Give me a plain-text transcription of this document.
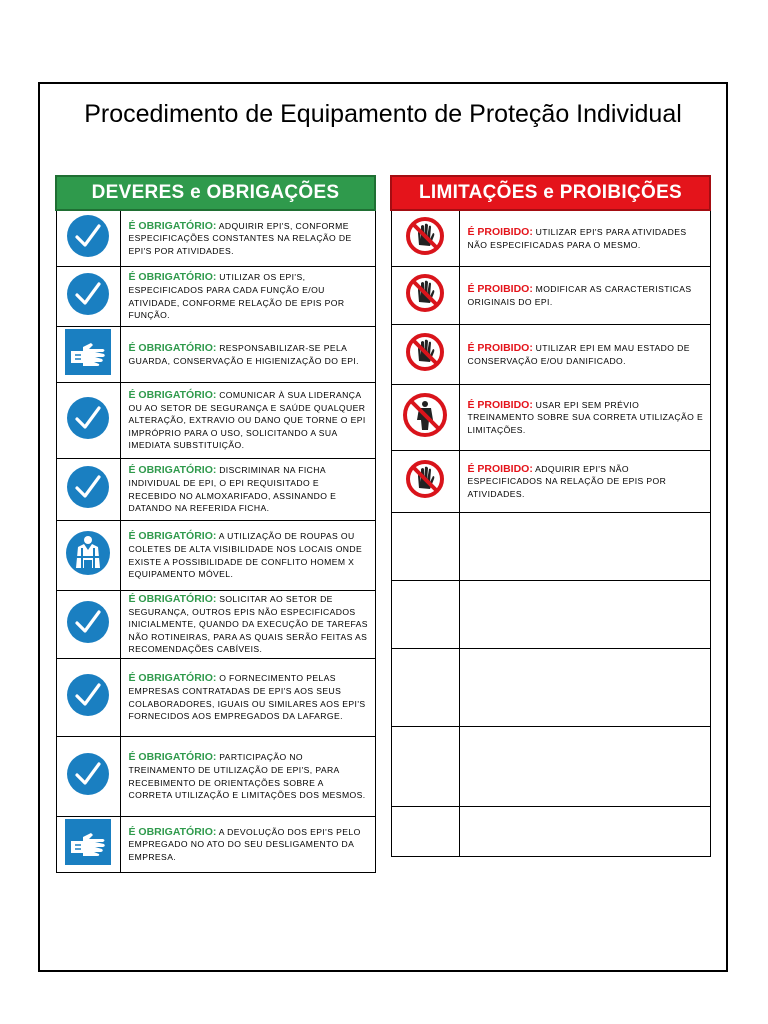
Procedimento de Equipamento de Proteção Individual
DEVERES e OBRIGAÇÕES	
	É OBRIGATÓRIO: ADQUIRIR EPI'S, CONFORME ESPECIFICAÇÕES CONSTANTES NA RELAÇÃO DE EPI'S POR ATIVIDADES.
	É OBRIGATÓRIO: UTILIZAR OS EPI'S, ESPECIFICADOS PARA CADA FUNÇÃO E/OU ATIVIDADE, CONFORME RELAÇÃO DE EPIS POR FUNÇÃO.
	É OBRIGATÓRIO: RESPONSABILIZAR-SE PELA GUARDA, CONSERVAÇÃO E HIGIENIZAÇÃO DO EPI.
	É OBRIGATÓRIO: COMUNICAR À SUA LIDERANÇA OU AO SETOR DE SEGURANÇA E SAÚDE QUALQUER ALTERAÇÃO, EXTRAVIO OU DANO QUE TORNE O EPI IMPRÓPRIO PARA O USO, SOLICITANDO A SUA IMEDIATA SUBSTITUIÇÃO.
	É OBRIGATÓRIO: DISCRIMINAR NA FICHA INDIVIDUAL DE EPI, O EPI REQUISITADO E RECEBIDO NO ALMOXARIFADO, ASSINANDO E DATANDO NA REFERIDA FICHA.
	É OBRIGATÓRIO: A UTILIZAÇÃO DE ROUPAS OU COLETES DE ALTA VISIBILIDADE NOS LOCAIS ONDE EXISTE A POSSIBILIDADE DE CONFLITO HOMEM X EQUIPAMENTO MÓVEL.
	É OBRIGATÓRIO: SOLICITAR AO SETOR DE SEGURANÇA, OUTROS EPIS NÃO ESPECIFICADOS INICIALMENTE, QUANDO DA EXECUÇÃO DE TAREFAS NÃO ROTINEIRAS, PARA AS QUAIS SERÃO FEITAS AS RECOMENDAÇÕES CABÍVEIS.
	É OBRIGATÓRIO: O FORNECIMENTO PELAS EMPRESAS CONTRATADAS DE EPI'S AOS SEUS COLABORADORES, IGUAIS OU SIMILARES AOS EPI'S FORNECIDOS AOS EMPREGADOS DA LAFARGE.
	É OBRIGATÓRIO: PARTICIPAÇÃO NO TREINAMENTO DE UTILIZAÇÃO DE EPI'S, PARA RECEBIMENTO DE ORIENTAÇÕES SOBRE A CORRETA UTILIZAÇÃO E LIMITAÇÕES DOS MESMOS.
	É OBRIGATÓRIO: A DEVOLUÇÃO DOS EPI'S PELO EMPREGADO NO ATO DO SEU DESLIGAMENTO DA EMPRESA.
LIMITAÇÕES e PROIBIÇÕES	
	É PROIBIDO: UTILIZAR EPI'S PARA ATIVIDADES NÃO ESPECIFICADAS PARA O MESMO.
	É PROIBIDO: MODIFICAR AS CARACTERISTICAS ORIGINAIS DO EPI.
	É PROIBIDO: UTILIZAR EPI EM MAU ESTADO DE CONSERVAÇÃO E/OU DANIFICADO.
	É PROIBIDO: USAR EPI SEM PRÉVIO TREINAMENTO SOBRE SUA CORRETA UTILIZAÇÃO E LIMITAÇÕES.
	É PROIBIDO: ADQUIRIR EPI'S NÃO ESPECIFICADOS NA RELAÇÃO DE EPIS POR ATIVIDADES.
